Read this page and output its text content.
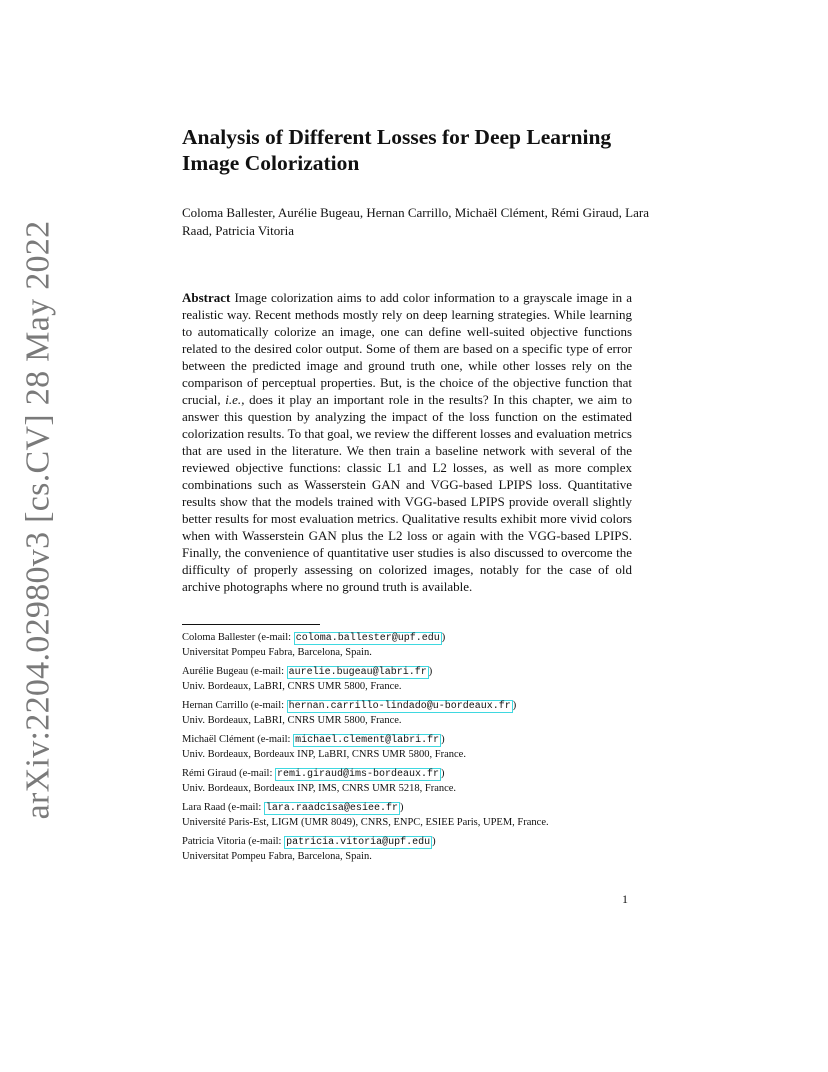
arXiv:2204.02980v3 [cs.CV] 28 May 2022
Analysis of Different Losses for Deep Learning Image Colorization
Coloma Ballester, Aurélie Bugeau, Hernan Carrillo, Michaël Clément, Rémi Giraud, Lara Raad, Patricia Vitoria
Abstract Image colorization aims to add color information to a grayscale image in a realistic way. Recent methods mostly rely on deep learning strategies. While learning to automatically colorize an image, one can define well-suited objective functions related to the desired color output. Some of them are based on a specific type of error between the predicted image and ground truth one, while other losses rely on the comparison of perceptual properties. But, is the choice of the objective function that crucial, i.e., does it play an important role in the results? In this chapter, we aim to answer this question by analyzing the impact of the loss function on the estimated colorization results. To that goal, we review the different losses and evaluation metrics that are used in the literature. We then train a baseline network with several of the reviewed objective functions: classic L1 and L2 losses, as well as more complex combinations such as Wasserstein GAN and VGG-based LPIPS loss. Quantitative results show that the models trained with VGG-based LPIPS provide overall slightly better results for most evaluation metrics. Qualitative results exhibit more vivid colors when with Wasserstein GAN plus the L2 loss or again with the VGG-based LPIPS. Finally, the convenience of quantitative user studies is also discussed to overcome the difficulty of properly assessing on colorized images, notably for the case of old archive photographs where no ground truth is available.
Coloma Ballester (e-mail: coloma.ballester@upf.edu )
Universitat Pompeu Fabra, Barcelona, Spain.
Aurélie Bugeau (e-mail: aurelie.bugeau@labri.fr )
Univ. Bordeaux, LaBRI, CNRS UMR 5800, France.
Hernan Carrillo (e-mail: hernan.carrillo-lindado@u-bordeaux.fr )
Univ. Bordeaux, LaBRI, CNRS UMR 5800, France.
Michaël Clément (e-mail: michael.clement@labri.fr )
Univ. Bordeaux, Bordeaux INP, LaBRI, CNRS UMR 5800, France.
Rémi Giraud (e-mail: remi.giraud@ims-bordeaux.fr )
Univ. Bordeaux, Bordeaux INP, IMS, CNRS UMR 5218, France.
Lara Raad (e-mail: lara.raadcisa@esiee.fr )
Université Paris-Est, LIGM (UMR 8049), CNRS, ENPC, ESIEE Paris, UPEM, France.
Patricia Vitoria (e-mail: patricia.vitoria@upf.edu )
Universitat Pompeu Fabra, Barcelona, Spain.
1
